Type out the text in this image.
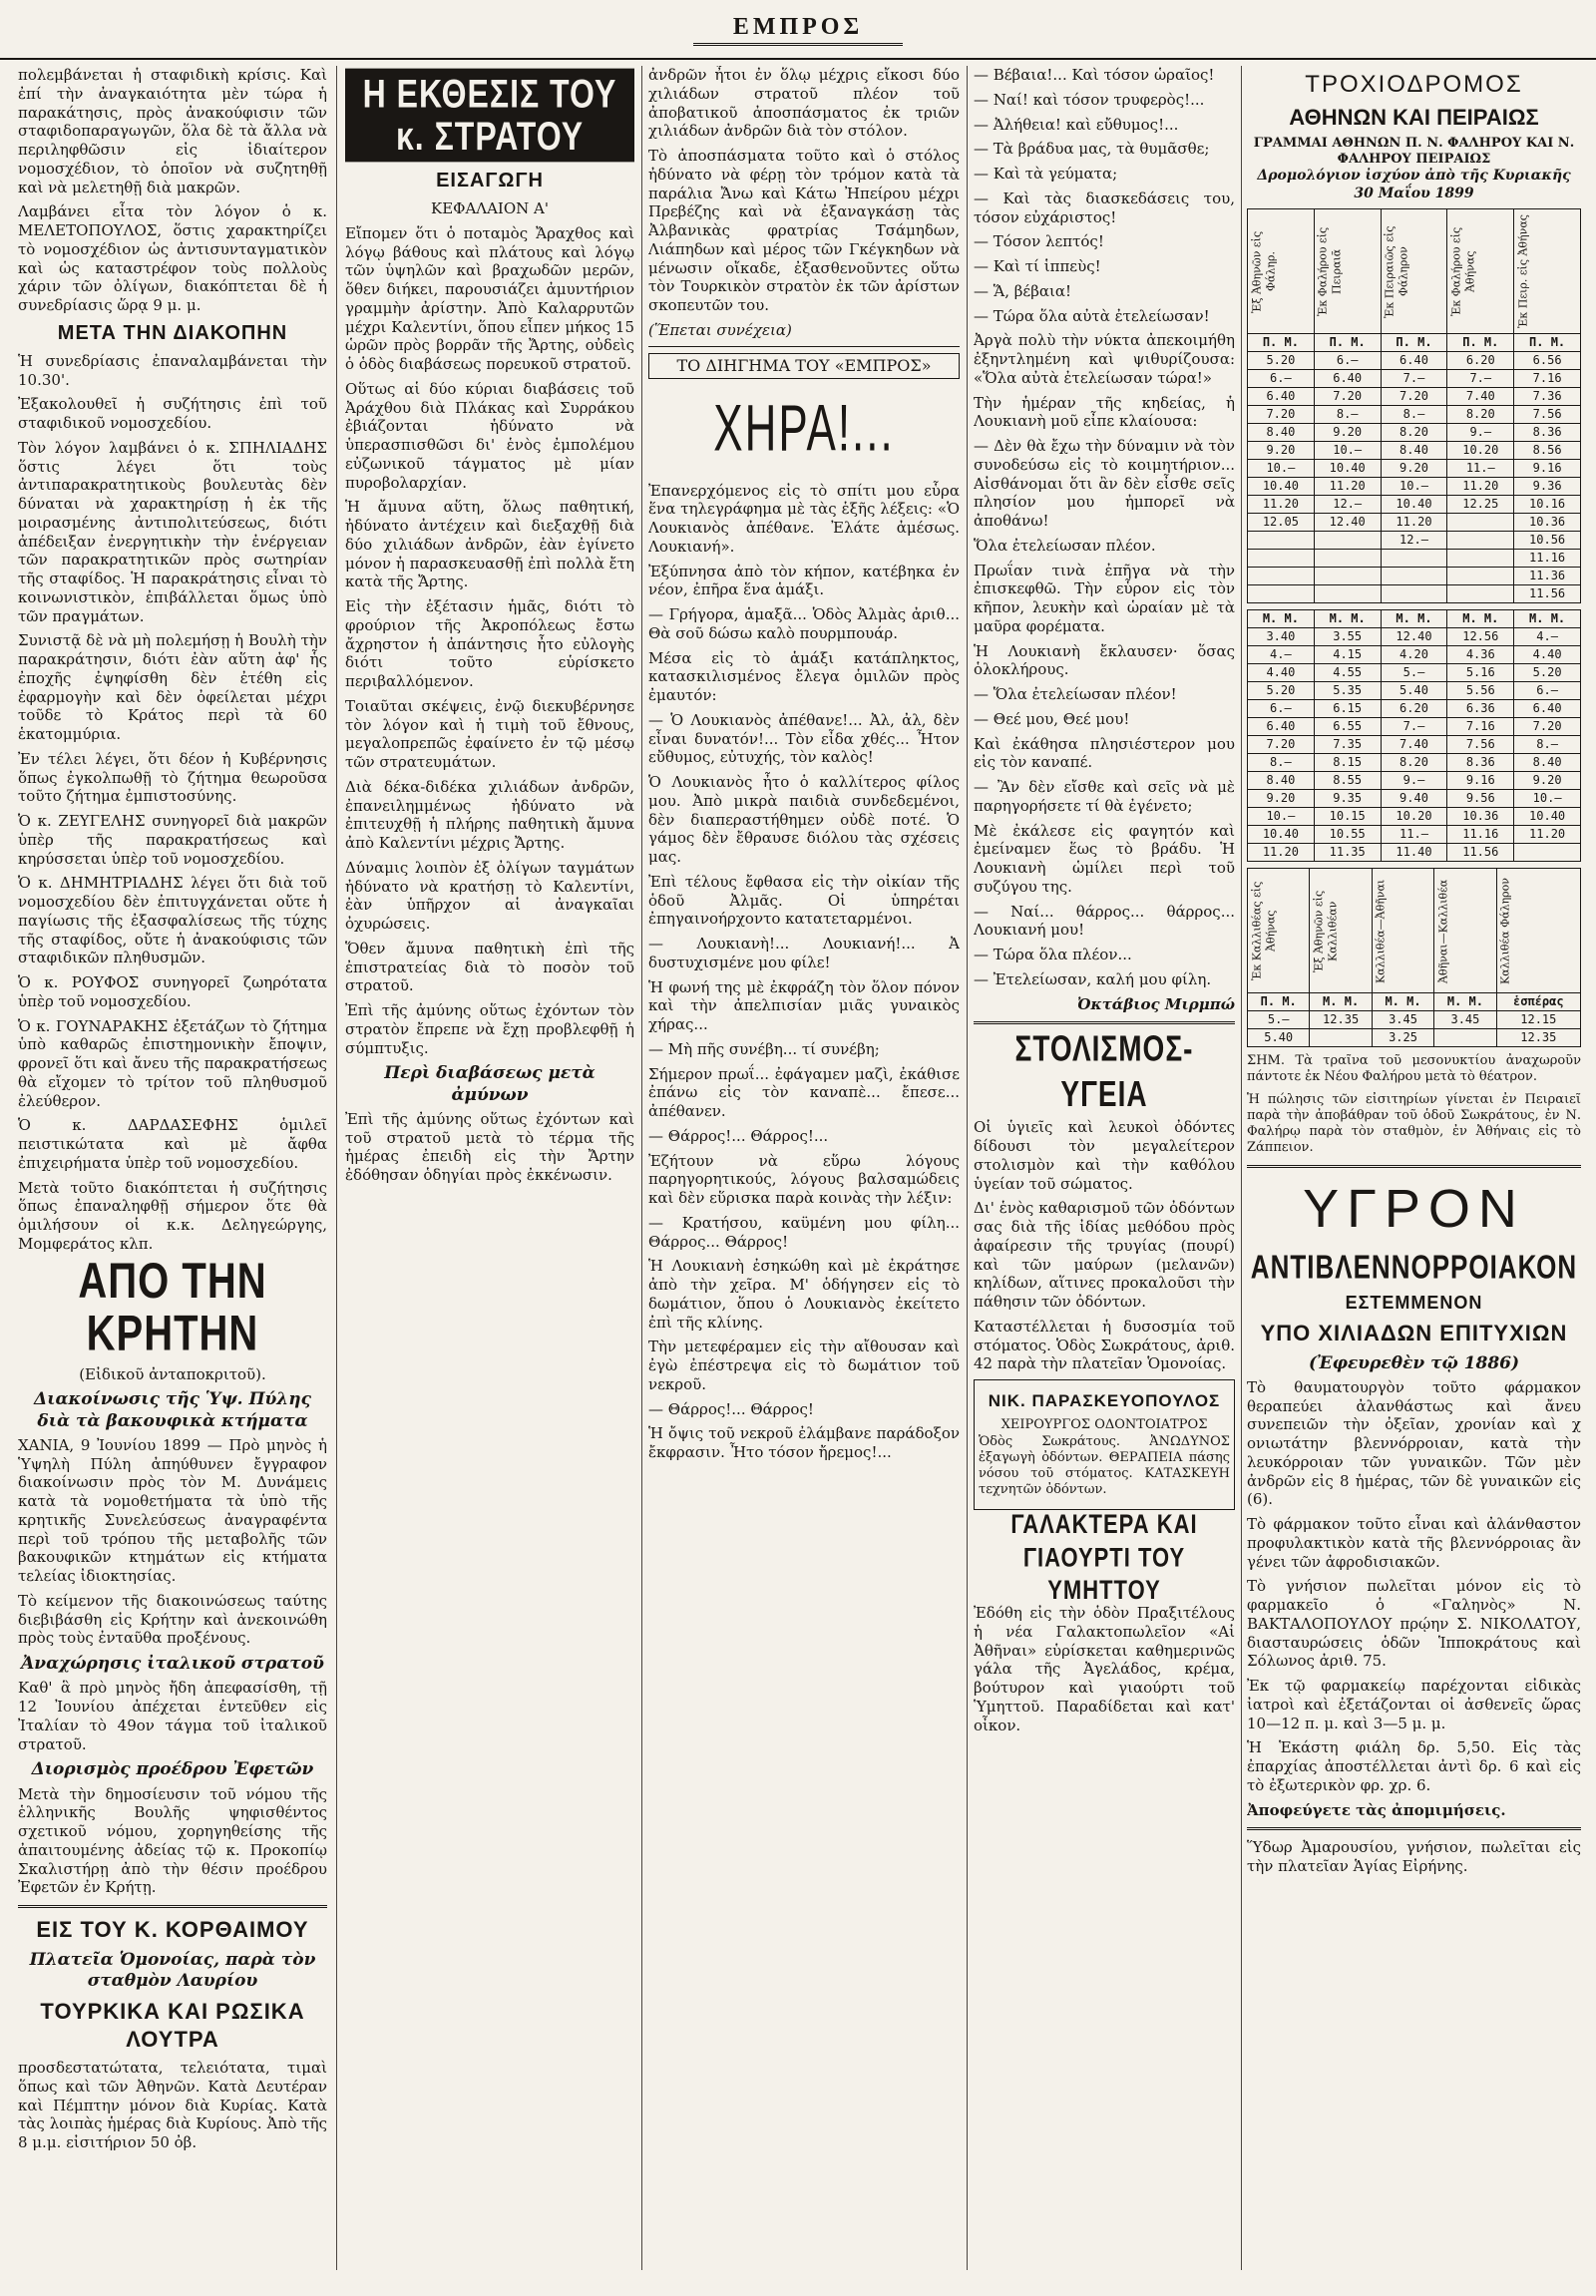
ΕΜΠΡΟΣ

πολεμβάνεται ἡ σταφιδικὴ κρίσις. Καὶ ἐπί τὴν ἀναγκαιότητα μὲν τώρα ἡ παρακάτησις, πρὸς ἀνακούφισιν τῶν σταφιδοπαραγωγῶν, ὅλα δὲ τὰ ἄλλα νὰ περιληφθῶσιν εἰς ἰδιαίτερον νομοσχέδιον, τὸ ὁποῖον νὰ συζητηθῇ καὶ νὰ μελετηθῇ διὰ μακρῶν.

Λαμβάνει εἶτα τὸν λόγον ὁ κ. ΜΕΛΕΤΟΠΟΥΛΟΣ, ὅστις χαρακτηρίζει τὸ νομοσχέδιον ὡς ἀντισυνταγματικὸν καὶ ὡς καταστρέφον τοὺς πολλοὺς χάριν τῶν ὀλίγων, διακόπτεται δὲ ἡ συνεδρίασις ὥρᾳ 9 μ. μ.

ΜΕΤΑ ΤΗΝ ΔΙΑΚΟΠΗΝ

Ἡ συνεδρίασις ἐπαναλαμβάνεται τὴν 10.30'.

Ἐξακολουθεῖ ἡ συζήτησις ἐπὶ τοῦ σταφιδικοῦ νομοσχεδίου.

Τὸν λόγον λαμβάνει ὁ κ. ΣΠΗΛΙΑΔΗΣ ὅστις λέγει ὅτι τοὺς ἀντιπαρακρατητικοὺς βουλευτὰς δὲν δύναται νὰ χαρακτηρίσῃ ἡ ἐκ τῆς μοιρασμένης ἀντιπολιτεύσεως, διότι ἀπέδειξαν ἐνεργητικὴν τὴν ἐνέργειαν τῶν παρακρατητικῶν πρὸς σωτηρίαν τῆς σταφίδος. Ἡ παρακράτησις εἶναι τὸ κοινωνιστικὸν, ἐπιβάλλεται ὅμως ὑπὸ τῶν πραγμάτων.

Συνιστᾷ δὲ νὰ μὴ πολεμήσῃ ἡ Βουλὴ τὴν παρακράτησιν, διότι ἐὰν αὕτη ἀφ' ἧς ἐποχῆς ἐψηφίσθη δὲν ἐτέθη εἰς ἐφαρμογὴν καὶ δὲν ὀφείλεται μέχρι τοῦδε τὸ Κράτος περὶ τὰ 60 ἑκατομμύρια.

Ἐν τέλει λέγει, ὅτι δέον ἡ Κυβέρνησις ὅπως ἐγκολπωθῇ τὸ ζήτημα θεωροῦσα τοῦτο ζήτημα ἐμπιστοσύνης.

Ὁ κ. ΖΕΥΓΕΛΗΣ συνηγορεῖ διὰ μακρῶν ὑπὲρ τῆς παρακρατήσεως καὶ κηρύσσεται ὑπὲρ τοῦ νομοσχεδίου.

Ὁ κ. ΔΗΜΗΤΡΙΑΔΗΣ λέγει ὅτι διὰ τοῦ νομοσχεδίου δὲν ἐπιτυγχάνεται οὔτε ἡ παγίωσις τῆς ἐξασφαλίσεως τῆς τύχης τῆς σταφίδος, οὔτε ἡ ἀνακούφισις τῶν σταφιδικῶν πληθυσμῶν.

Ὁ κ. ΡΟΥΦΟΣ συνηγορεῖ ζωηρότατα ὑπὲρ τοῦ νομοσχεδίου.

Ὁ κ. ΓΟΥΝΑΡΑΚΗΣ ἐξετάζων τὸ ζήτημα ὑπὸ καθαρῶς ἐπιστημονικὴν ἔποψιν, φρονεῖ ὅτι καὶ ἄνευ τῆς παρακρατήσεως θὰ εἴχομεν τὸ τρίτον τοῦ πληθυσμοῦ ἐλεύθερον.

Ὁ κ. ΔΑΡΔΑΣΕΦΗΣ ὁμιλεῖ πειστικώτατα καὶ μὲ ἄφθα ἐπιχειρήματα ὑπὲρ τοῦ νομοσχεδίου.

Μετὰ τοῦτο διακόπτεται ἡ συζήτησις ὅπως ἐπαναληφθῇ σήμερον ὅτε θὰ ὁμιλήσουν οἱ κ.κ. Δεληγεώργης, Μομφεράτος κλπ.

ΑΠΟ ΤΗΝ ΚΡΗΤΗΝ
(Εἰδικοῦ ἀνταποκριτοῦ).
Διακοίνωσις τῆς Ὑψ. Πύλης διὰ τὰ βακουφικὰ κτήματα

ΧΑΝΙΑ, 9 Ἰουνίου 1899 — Πρὸ μηνὸς ἡ Ὑψηλὴ Πύλη ἀπηύθυνεν ἔγγραφον διακοίνωσιν πρὸς τὸν Μ. Δυνάμεις κατὰ τὰ νομοθετήματα τὰ ὑπὸ τῆς κρητικῆς Συνελεύσεως ἀναγραφέντα περὶ τοῦ τρόπου τῆς μεταβολῆς τῶν βακουφικῶν κτημάτων εἰς κτήματα τελείας ἰδιοκτησίας.

Τὸ κείμενον τῆς διακοινώσεως ταύτης διεβιβάσθη εἰς Κρήτην καὶ ἀνεκοινώθη πρὸς τοὺς ἐνταῦθα προξένους.

Ἀναχώρησις ἰταλικοῦ στρατοῦ

Καθ' ἃ πρὸ μηνὸς ἤδη ἀπεφασίσθη, τῇ 12 Ἰουνίου ἀπέχεται ἐντεῦθεν εἰς Ἰταλίαν τὸ 49ον τάγμα τοῦ ἰταλικοῦ στρατοῦ.

Διορισμὸς προέδρου Ἐφετῶν

Μετὰ τὴν δημοσίευσιν τοῦ νόμου τῆς ἑλληνικῆς Βουλῆς ψηφισθέντος σχετικοῦ νόμου, χορηγηθείσης τῆς ἀπαιτουμένης ἀδείας τῷ κ. Προκοπίῳ Σκαλιστήρῃ ἀπὸ τὴν θέσιν προέδρου Ἐφετῶν ἐν Κρήτῃ.

ΕΙΣ ΤΟΥ Κ. ΚΟΡΘΑΙΜΟΥ
Πλατεῖα Ὁμονοίας, παρὰ τὸν σταθμὸν Λαυρίου
ΤΟΥΡΚΙΚΑ ΚΑΙ ΡΩΣΙΚΑ ΛΟΥΤΡΑ

προσδεστατώτατα, τελειότατα, τιμαὶ ὅπως καὶ τῶν Ἀθηνῶν. Κατὰ Δευτέραν καὶ Πέμπτην μόνον διὰ Κυρίας. Κατὰ τὰς λοιπὰς ἡμέρας διὰ Κυρίους. Ἀπὸ τῆς 8 μ.μ. εἰσιτήριον 50 ὀβ.

Η ΕΚΘΕΣΙΣ ΤΟΥ κ. ΣΤΡΑΤΟΥ
ΕΙΣΑΓΩΓΗ
ΚΕΦΑΛΑΙΟΝ Α'

Εἴπομεν ὅτι ὁ ποταμὸς Ἄραχθος καὶ λόγῳ βάθους καὶ πλάτους καὶ λόγῳ τῶν ὑψηλῶν καὶ βραχωδῶν μερῶν, ὅθεν διήκει, παρουσιάζει ἀμυντήριον γραμμὴν ἀρίστην. Ἀπὸ Καλαρρυτῶν μέχρι Καλεντίνι, ὅπου εἶπεν μήκος 15 ὡρῶν πρὸς βορρᾶν τῆς Ἄρτης, οὐδεὶς ὁ ὁδὸς διαβάσεως πορευκοῦ στρατοῦ.

Οὕτως αἱ δύο κύριαι διαβάσεις τοῦ Ἀράχθου διὰ Πλάκας καὶ Συρράκου ἐβιάζονται ἡδύνατο νὰ ὑπερασπισθῶσι δι' ἑνὸς ἐμπολέμου εὐζωνικοῦ τάγματος μὲ μίαν πυροβολαρχίαν.

Ἡ ἄμυνα αὕτη, ὅλως παθητική, ἠδύνατο ἀντέχειν καὶ διεξαχθῇ διὰ δύο χιλιάδων ἀνδρῶν, ἐὰν ἐγίνετο μόνον ἡ παρασκευασθῇ ἐπὶ πολλὰ ἔτη κατὰ τῆς Ἄρτης.

Εἰς τὴν ἐξέτασιν ἡμᾶς, διότι τὸ φρούριον τῆς Ἀκροπόλεως ἔστω ἄχρηστον ἡ ἀπάντησις ἦτο εὐλογὴς διότι τοῦτο εὑρίσκετο περιβαλλόμενον.

Τοιαῦται σκέψεις, ἐνῷ διεκυβέρνησε τὸν λόγον καὶ ἡ τιμὴ τοῦ ἔθνους, μεγαλοπρεπῶς ἐφαίνετο ἐν τῷ μέσῳ τῶν στρατευμάτων.

Διὰ δέκα-διδέκα χιλιάδων ἀνδρῶν, ἐπανειλημμένως ἠδύνατο νὰ ἐπιτευχθῇ ἡ πλήρης παθητικὴ ἄμυνα ἀπὸ Καλεντίνι μέχρις Ἄρτης.

Δύναμις λοιπὸν ἐξ ὀλίγων ταγμάτων ἠδύνατο νὰ κρατήσῃ τὸ Καλεντίνι, ἐὰν ὑπῆρχον αἱ ἀναγκαῖαι ὀχυρώσεις.

Ὅθεν ἄμυνα παθητικὴ ἐπὶ τῆς ἐπιστρατείας διὰ τὸ ποσὸν τοῦ στρατοῦ.

Ἐπὶ τῆς ἀμύνης οὕτως ἐχόντων τὸν στρατὸν ἔπρεπε νὰ ἔχῃ προβλεφθῇ ἡ σύμπτυξις.

Περὶ διαβάσεως μετὰ ἀμύνων

Ἐπὶ τῆς ἀμύνης οὕτως ἐχόντων καὶ τοῦ στρατοῦ μετὰ τὸ τέρμα τῆς ἡμέρας ἐπειδὴ εἰς τὴν Ἄρτην ἐδόθησαν ὁδηγίαι πρὸς ἐκκένωσιν.

ἀνδρῶν ἦτοι ἐν ὅλῳ μέχρις εἴκοσι δύο χιλιάδων στρατοῦ πλέον τοῦ ἀποβατικοῦ ἀποσπάσματος ἐκ τριῶν χιλιάδων ἀνδρῶν διὰ τὸν στόλον.

Τὸ ἀποσπάσματα τοῦτο καὶ ὁ στόλος ἠδύνατο νὰ φέρῃ τὸν τρόμον κατὰ τὰ παράλια Ἄνω καὶ Κάτω Ἠπείρου μέχρι Πρεβέζης καὶ νὰ ἐξαναγκάσῃ τὰς Ἀλβανικὰς φρατρίας Τσάμηδων, Λιάπηδων καὶ μέρος τῶν Γκέγκηδων νὰ μένωσιν οἴκαδε, ἐξασθενοῦντες οὕτω τὸν Τουρκικὸν στρατὸν ἐκ τῶν ἀρίστων σκοπευτῶν του.

(Ἕπεται συνέχεια)

ΤΟ ΔΙΗΓΗΜΑ ΤΟΥ «ΕΜΠΡΟΣ»
ΧΗΡΑ!...

Ἐπανερχόμενος εἰς τὸ σπίτι μου εὗρα ἕνα τηλεγράφημα μὲ τὰς ἑξῆς λέξεις: «Ὁ Λουκιανὸς ἀπέθανε. Ἐλάτε ἀμέσως. Λουκιανή».

Ἐξύπνησα ἀπὸ τὸν κήπον, κατέβηκα ἐν νέον, ἐπῆρα ἕνα ἁμάξι.

— Γρήγορα, ἁμαξᾶ... Ὁδὸς Ἀλμὰς ἀριθ... Θὰ σοῦ δώσω καλὸ πουρμπουάρ.

Μέσα εἰς τὸ ἁμάξι κατάπληκτος, κατασκιλισμένος ἔλεγα ὁμιλῶν πρὸς ἐμαυτόν:

— Ὁ Λουκιανὸς ἀπέθανε!... Ἀλ, ἀλ, δὲν εἶναι δυνατόν!... Τὸν εἶδα χθές... Ἦτον εὔθυμος, εὐτυχής, τὸν καλὸς!

Ὁ Λουκιανὸς ἦτο ὁ καλλίτερος φίλος μου. Ἀπὸ μικρὰ παιδιὰ συνδεδεμένοι, δὲν διαπεραστήθημεν οὐδὲ ποτέ. Ὁ γάμος δὲν ἔθραυσε διόλου τὰς σχέσεις μας.

Ἐπὶ τέλους ἔφθασα εἰς τὴν οἰκίαν τῆς ὁδοῦ Ἀλμᾶς. Οἱ ὑπηρέται ἐπηγαινοήρχοντο κατατεταρμένοι.

— Λουκιανὴ!... Λουκιανή!... Ἀ δυστυχισμένε μου φίλε!

Ἡ φωνή της μὲ ἐκφράζη τὸν ὅλον πόνον καὶ τὴν ἀπελπισίαν μιᾶς γυναικὸς χήρας...

— Μὴ πῆς συνέβη... τί συνέβη;

Σήμερον πρωΐ... ἐφάγαμεν μαζὶ, ἐκάθισε ἐπάνω εἰς τὸν καναπὲ... ἔπεσε... ἀπέθανεν.

— Θάρρος!... Θάρρος!...

Ἐζήτουν νὰ εὕρω λόγους παρηγορητικούς, λόγους βαλσαμώδεις καὶ δὲν εὕρισκα παρὰ κοινὰς τὴν λέξιν:

— Κρατήσου, καϋμένη μου φίλη... Θάρρος... Θάρρος!

Ἡ Λουκιανὴ ἐσηκώθη καὶ μὲ ἐκράτησε ἀπὸ τὴν χεῖρα. Μ' ὁδήγησεν εἰς τὸ δωμάτιον, ὅπου ὁ Λουκιανὸς ἐκείτετο ἐπὶ τῆς κλίνης.

Τὴν μετεφέραμεν εἰς τὴν αἴθουσαν καὶ ἐγὼ ἐπέστρεψα εἰς τὸ δωμάτιον τοῦ νεκροῦ.

— Θάρρος!... Θάρρος!

Ἡ ὄψις τοῦ νεκροῦ ἐλάμβανε παράδοξον ἔκφρασιν. Ἦτο τόσον ἤρεμος!...

— Βέβαια!... Καὶ τόσον ὡραῖος!

— Ναί! καὶ τόσον τρυφερὸς!...

— Ἀλήθεια! καὶ εὔθυμος!...

— Τὰ βράδυα μας, τὰ θυμᾶσθε;

— Καὶ τὰ γεύματα;

— Καὶ τὰς διασκεδάσεις του, τόσον εὐχάριστος!

— Τόσον λεπτός!

— Καὶ τί ἱππεὺς!

— Ἅ, βέβαια!

— Τώρα ὅλα αὐτὰ ἐτελείωσαν!

Ἀργὰ πολὺ τὴν νύκτα ἀπεκοιμήθη ἐξηντλημένη καὶ ψιθυρίζουσα: «Ὅλα αὐτὰ ἐτελείωσαν τώρα!»

Τὴν ἡμέραν τῆς κηδείας, ἡ Λουκιανὴ μοῦ εἶπε κλαίουσα:

— Δὲν θὰ ἔχω τὴν δύναμιν νὰ τὸν συνοδεύσω εἰς τὸ κοιμητήριον... Αἰσθάνομαι ὅτι ἂν δὲν εἶσθε σεῖς πλησίον μου ἠμπορεῖ νὰ ἀποθάνω!

Ὅλα ἐτελείωσαν πλέον.

Πρωΐαν τινὰ ἐπῆγα νὰ τὴν ἐπισκεφθῶ. Τὴν εὗρον εἰς τὸν κῆπον, λευκὴν καὶ ὡραίαν μὲ τὰ μαῦρα φορέματα.

Ἡ Λουκιανὴ ἔκλαυσεν· ὅσας ὁλοκλήρους.

— Ὅλα ἐτελείωσαν πλέον!

— Θεέ μου, Θεέ μου!

Καὶ ἐκάθησα πλησιέστερον μου εἰς τὸν καναπέ.

— Ἂν δὲν εἴσθε καὶ σεῖς νὰ μὲ παρηγορήσετε τί θὰ ἐγένετο;

Μὲ ἐκάλεσε εἰς φαγητόν καὶ ἐμείναμεν ἕως τὸ βράδυ. Ἡ Λουκιανὴ ὡμίλει περὶ τοῦ συζύγου της.

— Ναί... θάρρος... θάρρος... Λουκιανή μου!

— Τώρα ὅλα πλέον...

— Ἐτελείωσαν, καλή μου φίλη.

Ὀκτάβιος Μιρμπώ

ΣΤΟΛΙΣΜΟΣ-ΥΓΕΙΑ

Οἱ ὑγιεῖς καὶ λευκοὶ ὀδόντες δίδουσι τὸν μεγαλείτερον στολισμὸν καὶ τὴν καθόλου ὑγείαν τοῦ σώματος.

Δι' ἑνὸς καθαρισμοῦ τῶν ὀδόντων σας διὰ τῆς ἰδίας μεθόδου πρὸς ἀφαίρεσιν τῆς τρυγίας (πουρί) καὶ τῶν μαύρων (μελανῶν) κηλίδων, αἵτινες προκαλοῦσι τὴν πάθησιν τῶν ὀδόντων.

Καταστέλλεται ἡ δυσοσμία τοῦ στόματος. Ὁδὸς Σωκράτους, ἀριθ. 42 παρὰ τὴν πλατεῖαν Ὁμονοίας.

ΝΙΚ. ΠΑΡΑΣΚΕΥΟΠΟΥΛΟΣ
ΧΕΙΡΟΥΡΓΟΣ ΟΔΟΝΤΟΙΑΤΡΟΣ

Ὁδὸς Σωκράτους. ἈΝΩΔΥΝΟΣ ἐξαγωγὴ ὀδόντων. ΘΕΡΑΠΕΙΑ πάσης νόσου τοῦ στόματος. ΚΑΤΑΣΚΕΥΗ τεχνητῶν ὀδόντων.

ΓΑΛΑΚΤΕΡΑ ΚΑΙ ΓΙΑΟΥΡΤΙ ΤΟΥ ΥΜΗΤΤΟΥ

Ἐδόθη εἰς τὴν ὁδὸν Πραξιτέλους ἡ νέα Γαλακτοπωλεῖον «Αἱ Ἀθῆναι» εὑρίσκεται καθημερινῶς γάλα τῆς Ἀγελάδος, κρέμα, βούτυρον καὶ γιαούρτι τοῦ Ὑμηττοῦ. Παραδίδεται καὶ κατ' οἶκον.

ΤΡΟΧΙΟΔΡΟΜΟΣ
ΑΘΗΝΩΝ ΚΑΙ ΠΕΙΡΑΙΩΣ
ΓΡΑΜΜΑΙ ΑΘΗΝΩΝ Π. Ν. ΦΑΛΗΡΟΥ ΚΑΙ Ν. ΦΑΛΗΡΟΥ ΠΕΙΡΑΙΩΣ
Δρομολόγιον ἰσχύον ἀπὸ τῆς Κυριακῆς 30 Μαΐου 1899
Ἐξ Ἀθηνῶν εἰς Φάληρ.	Ἐκ Φαλήρου εἰς Πειραιᾶ	Ἐκ Πειραιῶς εἰς Φάληρον	Ἐκ Φαλήρου εἰς Ἀθήνας	Ἐκ Πειρ. εἰς Ἀθήνας
Π. Μ.	Π. Μ.	Π. Μ.	Π. Μ.	Π. Μ.
5.20	6.—	6.40	6.20	6.56
6.—	6.40	7.—	7.—	7.16
6.40	7.20	7.20	7.40	7.36
7.20	8.—	8.—	8.20	7.56
8.40	9.20	8.20	9.—	8.36
9.20	10.—	8.40	10.20	8.56
10.—	10.40	9.20	11.—	9.16
10.40	11.20	10.—	11.20	9.36
11.20	12.—	10.40	12.25	10.16
12.05	12.40	11.20		10.36
		12.—		10.56
				11.16
				11.36
				11.56
Μ. Μ.	Μ. Μ.	Μ. Μ.	Μ. Μ.	Μ. Μ.
3.40	3.55	12.40	12.56	4.—
4.—	4.15	4.20	4.36	4.40
4.40	4.55	5.—	5.16	5.20
5.20	5.35	5.40	5.56	6.—
6.—	6.15	6.20	6.36	6.40
6.40	6.55	7.—	7.16	7.20
7.20	7.35	7.40	7.56	8.—
8.—	8.15	8.20	8.36	8.40
8.40	8.55	9.—	9.16	9.20
9.20	9.35	9.40	9.56	10.—
10.—	10.15	10.20	10.36	10.40
10.40	10.55	11.—	11.16	11.20
11.20	11.35	11.40	11.56	
Ἐκ Καλλιθέας εἰς Ἀθήνας	Ἐξ Ἀθηνῶν εἰς Καλλιθέαν	Καλλιθέα—Ἀθῆναι	Ἀθῆναι—Καλλιθέα	Καλλιθέα Φάληρον
Π. Μ.	Μ. Μ.	Μ. Μ.	Μ. Μ.	ἑσπέρας
5.—	12.35	3.45	3.45	12.15
5.40		3.25		12.35

ΣΗΜ. Τὰ τραῖνα τοῦ μεσονυκτίου ἀναχωροῦν πάντοτε ἐκ Νέου Φαλήρου μετὰ τὸ θέατρον.

Ἡ πώλησις τῶν εἰσιτηρίων γίνεται ἐν Πειραιεῖ παρὰ τὴν ἀποβάθραν τοῦ ὁδοῦ Σωκράτους, ἐν Ν. Φαλήρῳ παρὰ τὸν σταθμὸν, ἐν Ἀθήναις εἰς τὸ Ζάππειον.

ΥΓΡΟΝ
ΑΝΤΙΒΛΕΝΝΟΡΡΟΙΑΚΟΝ
ΕΣΤΕΜΜΕΝΟΝ
ΥΠΟ ΧΙΛΙΑΔΩΝ ΕΠΙΤΥΧΙΩΝ
(Ἐφευρεθὲν τῷ 1886)

Τὸ θαυματουργὸν τοῦτο φάρμακον θεραπεύει ἀλανθάστως καὶ ἄνευ συνεπειῶν τὴν ὀξεῖαν, χρονίαν καὶ χ ονιωτάτην βλεννόρροιαν, κατὰ τὴν λευκόρροιαν τῶν γυναικῶν. Τῶν μὲν ἀνδρῶν εἰς 8 ἡμέρας, τῶν δὲ γυναικῶν εἰς (6).

Τὸ φάρμακον τοῦτο εἶναι καὶ ἀλάνθαστον προφυλακτικὸν κατὰ τῆς βλεννόρροιας ἂν γένει τῶν ἀφροδισιακῶν.

Τὸ γνήσιον πωλεῖται μόνον εἰς τὸ φαρμακεῖο ὁ «Γαληνὸς» Ν. ΒΑΚΤΑΛΟΠΟΥΛΟΥ πρῴην Σ. ΝΙΚΟΛΑΤΟΥ, διασταυρώσεις ὁδῶν Ἱπποκράτους καὶ Σόλωνος ἀριθ. 75.

Ἐκ τῷ φαρμακείῳ παρέχονται εἰδικὰς ἰατροὶ καὶ ἐξετάζονται οἱ ἀσθενεῖς ὥρας 10—12 π. μ. καὶ 3—5 μ. μ.

Ἡ Ἑκάστη φιάλη δρ. 5,50. Εἰς τὰς ἐπαρχίας ἀποστέλλεται ἀντὶ δρ. 6 καὶ εἰς τὸ ἐξωτερικὸν φρ. χρ. 6.

Ἀποφεύγετε τὰς ἀπομιμήσεις.

Ὕδωρ Ἀμαρουσίου, γνήσιον, πωλεῖται εἰς τὴν πλατεῖαν Ἁγίας Εἰρήνης.
